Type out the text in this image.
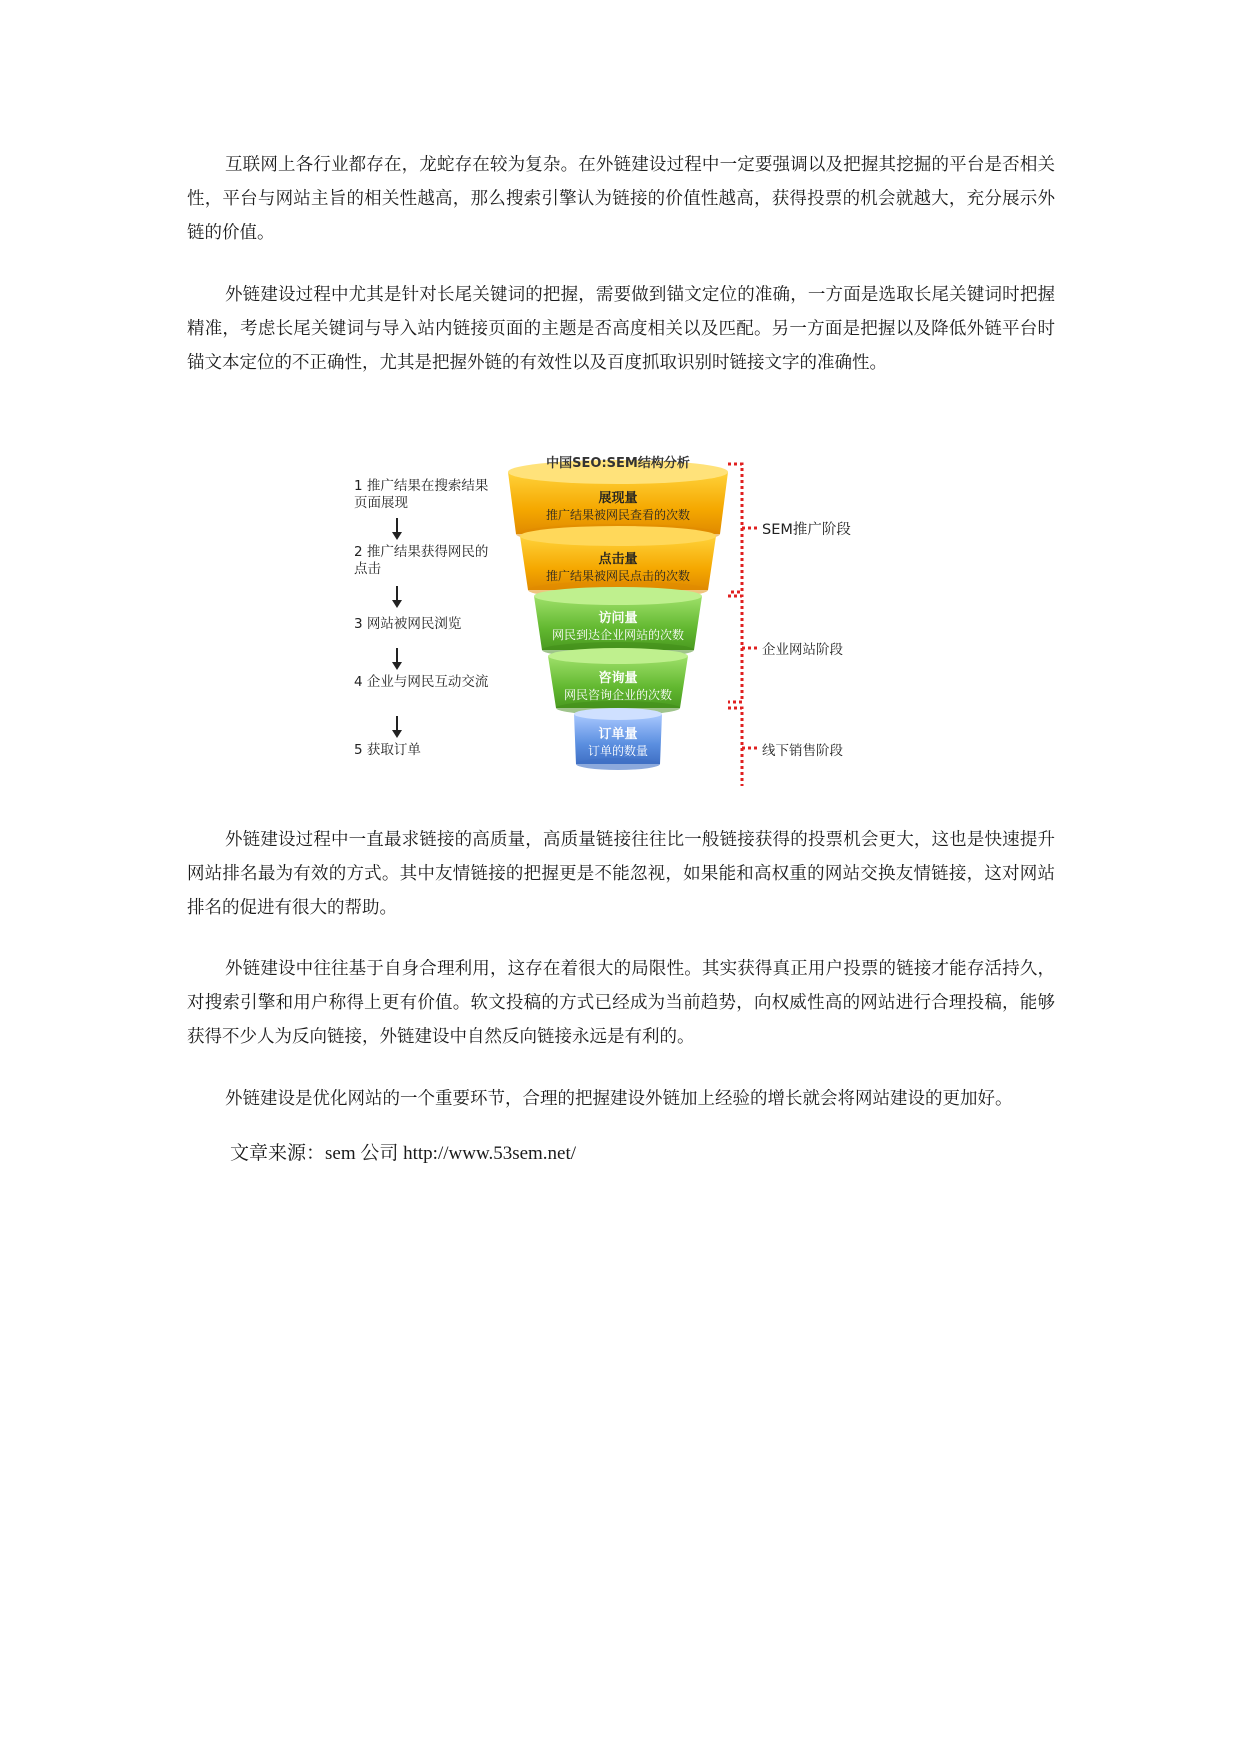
互联网上各行业都存在，龙蛇存在较为复杂。在外链建设过程中一定要强调以及把握其挖掘的平台是否相关性，平台与网站主旨的相关性越高，那么搜索引擎认为链接的价值性越高，获得投票的机会就越大，充分展示外链的价值。

外链建设过程中尤其是针对长尾关键词的把握，需要做到锚文定位的准确，一方面是选取长尾关键词时把握精准，考虑长尾关键词与导入站内链接页面的主题是否高度相关以及匹配。另一方面是把握以及降低外链平台时锚文本定位的不正确性，尤其是把握外链的有效性以及百度抓取识别时链接文字的准确性。

中国SEO:SEM结构分析
展现量
推广结果被网民查看的次数
点击量
推广结果被网民点击的次数
访问量
网民到达企业网站的次数
咨询量
网民咨询企业的次数
订单量
订单的数量
1 推广结果在搜索结果页面展现
2 推广结果获得网民的点击
3 网站被网民浏览
4 企业与网民互动交流
5 获取订单
SEM推广阶段
企业网站阶段
线下销售阶段

外链建设过程中一直最求链接的高质量，高质量链接往往比一般链接获得的投票机会更大，这也是快速提升网站排名最为有效的方式。其中友情链接的把握更是不能忽视，如果能和高权重的网站交换友情链接，这对网站排名的促进有很大的帮助。

外链建设中往往基于自身合理利用，这存在着很大的局限性。其实获得真正用户投票的链接才能存活持久，对搜索引擎和用户称得上更有价值。软文投稿的方式已经成为当前趋势，向权威性高的网站进行合理投稿，能够获得不少人为反向链接，外链建设中自然反向链接永远是有利的。

外链建设是优化网站的一个重要环节，合理的把握建设外链加上经验的增长就会将网站建设的更加好。

文章来源：sem 公司 http://www.53sem.net/
